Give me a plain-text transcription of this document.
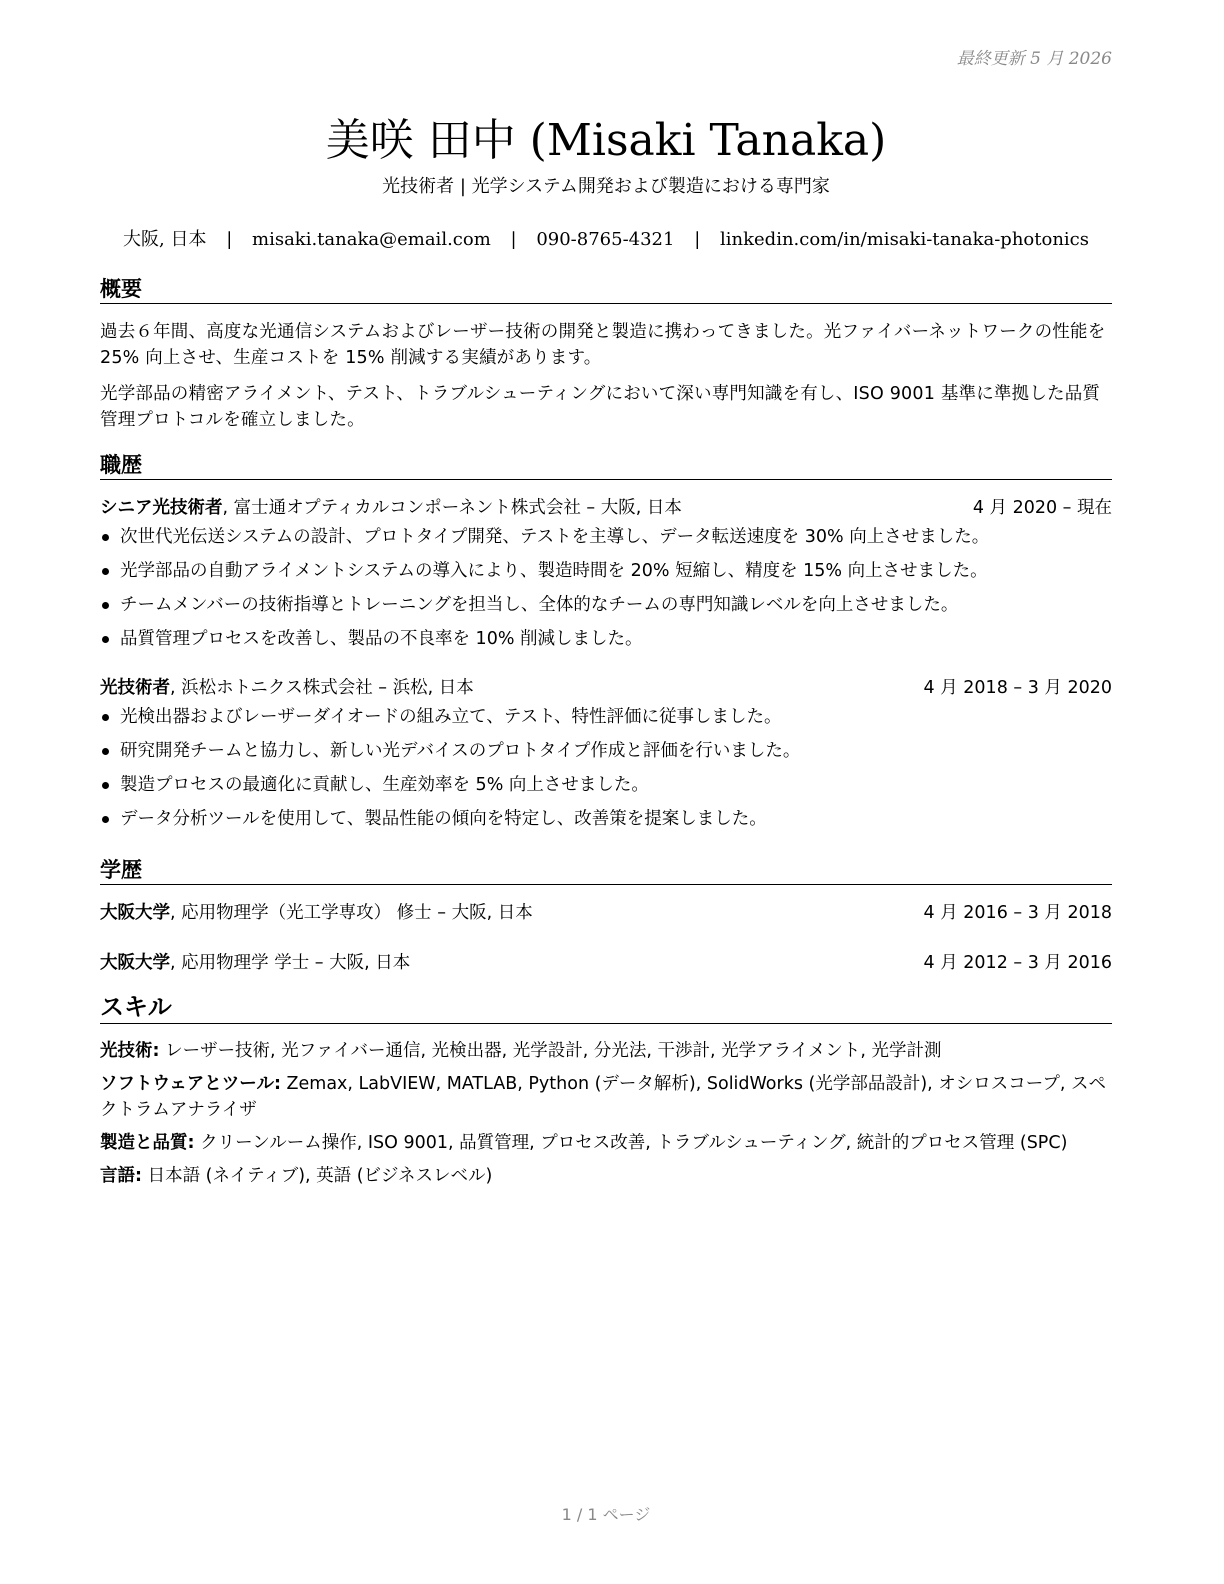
最終更新 5 月 2026
美咲 田中 (Misaki Tanaka)
光技術者 | 光学システム開発および製造における専門家
大阪, 日本 | misaki.tanaka@email.com | 090-8765-4321 | linkedin.com/in/misaki-tanaka-photonics
概要

過去６年間、高度な光通信システムおよびレーザー技術の開発と製造に携わってきました。光ファイバーネットワークの性能を 25% 向上させ、生産コストを 15% 削減する実績があります。

光学部品の精密アライメント、テスト、トラブルシューティングにおいて深い専門知識を有し、ISO 9001 基準に準拠した品質管理プロトコルを確立しました。

職歴
シニア光技術者, 富士通オプティカルコンポーネント株式会社 – 大阪, 日本	4 月 2020 – 現在
次世代光伝送システムの設計、プロトタイプ開発、テストを主導し、データ転送速度を 30% 向上させました。
光学部品の自動アライメントシステムの導入により、製造時間を 20% 短縮し、精度を 15% 向上させました。
チームメンバーの技術指導とトレーニングを担当し、全体的なチームの専門知識レベルを向上させました。
品質管理プロセスを改善し、製品の不良率を 10% 削減しました。
光技術者, 浜松ホトニクス株式会社 – 浜松, 日本	4 月 2018 – 3 月 2020
光検出器およびレーザーダイオードの組み立て、テスト、特性評価に従事しました。
研究開発チームと協力し、新しい光デバイスのプロトタイプ作成と評価を行いました。
製造プロセスの最適化に貢献し、生産効率を 5% 向上させました。
データ分析ツールを使用して、製品性能の傾向を特定し、改善策を提案しました。
学歴
大阪大学, 応用物理学（光工学専攻） 修士 – 大阪, 日本	4 月 2016 – 3 月 2018
大阪大学, 応用物理学 学士 – 大阪, 日本	4 月 2012 – 3 月 2016
スキル

光技術: レーザー技術, 光ファイバー通信, 光検出器, 光学設計, 分光法, 干渉計, 光学アライメント, 光学計測

ソフトウェアとツール: Zemax, LabVIEW, MATLAB, Python (データ解析), SolidWorks (光学部品設計), オシロスコープ, スペクトラムアナライザ

製造と品質: クリーンルーム操作, ISO 9001, 品質管理, プロセス改善, トラブルシューティング, 統計的プロセス管理 (SPC)

言語: 日本語 (ネイティブ), 英語 (ビジネスレベル)

1 / 1 ページ
